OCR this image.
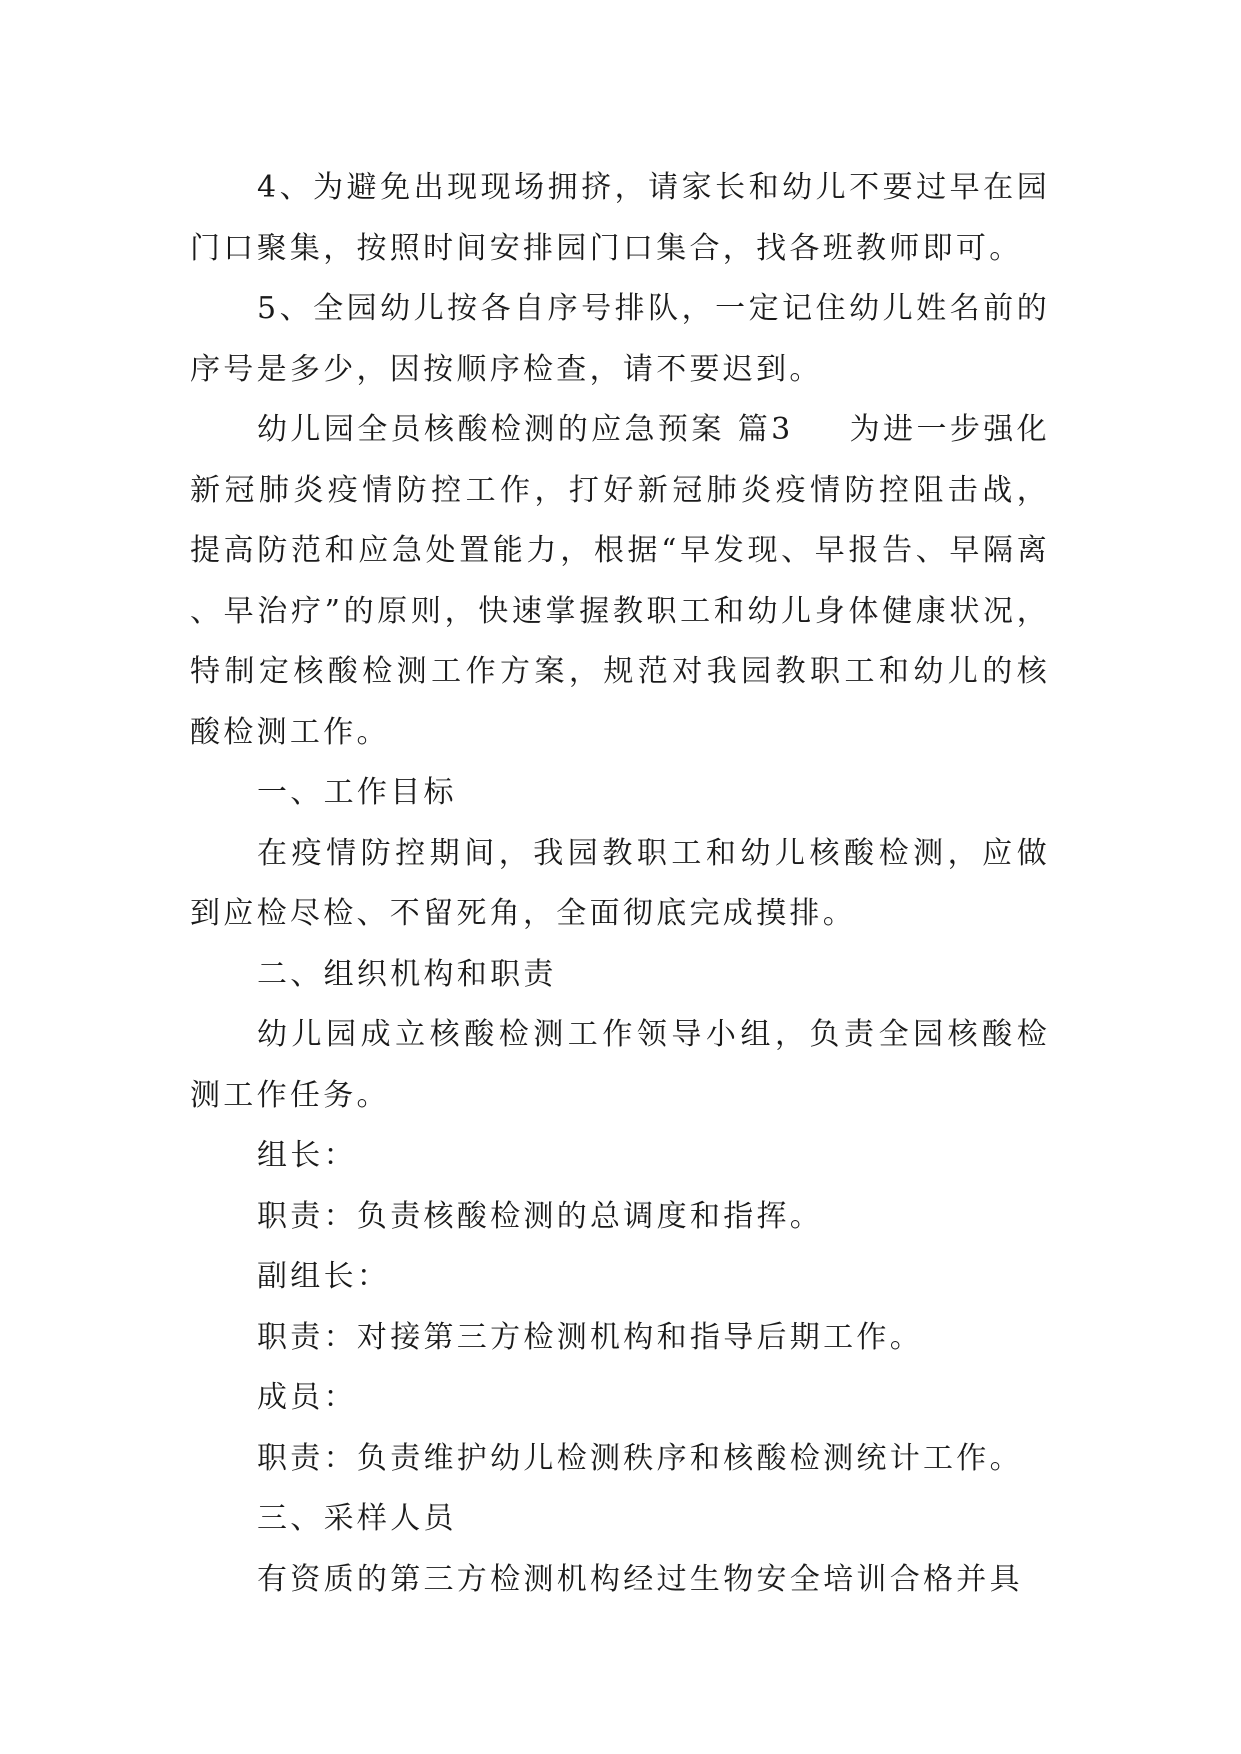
4、为避免出现现场拥挤，请家长和幼儿不要过早在园门口聚集，按照时间安排园门口集合，找各班教师即可。

5、全园幼儿按各自序号排队，一定记住幼儿姓名前的序号是多少，因按顺序检查，请不要迟到。

幼儿园全员核酸检测的应急预案 篇3 为进一步强化新冠肺炎疫情防控工作，打好新冠肺炎疫情防控阻击战，提高防范和应急处置能力，根据“早发现、早报告、早隔离、早治疗”的原则，快速掌握教职工和幼儿身体健康状况，特制定核酸检测工作方案，规范对我园教职工和幼儿的核酸检测工作。

一、工作目标

在疫情防控期间，我园教职工和幼儿核酸检测，应做到应检尽检、不留死角，全面彻底完成摸排。

二、组织机构和职责

幼儿园成立核酸检测工作领导小组，负责全园核酸检测工作任务。

组长：

职责：负责核酸检测的总调度和指挥。

副组长：

职责：对接第三方检测机构和指导后期工作。

成员：

职责：负责维护幼儿检测秩序和核酸检测统计工作。

三、采样人员

有资质的第三方检测机构经过生物安全培训合格并具
